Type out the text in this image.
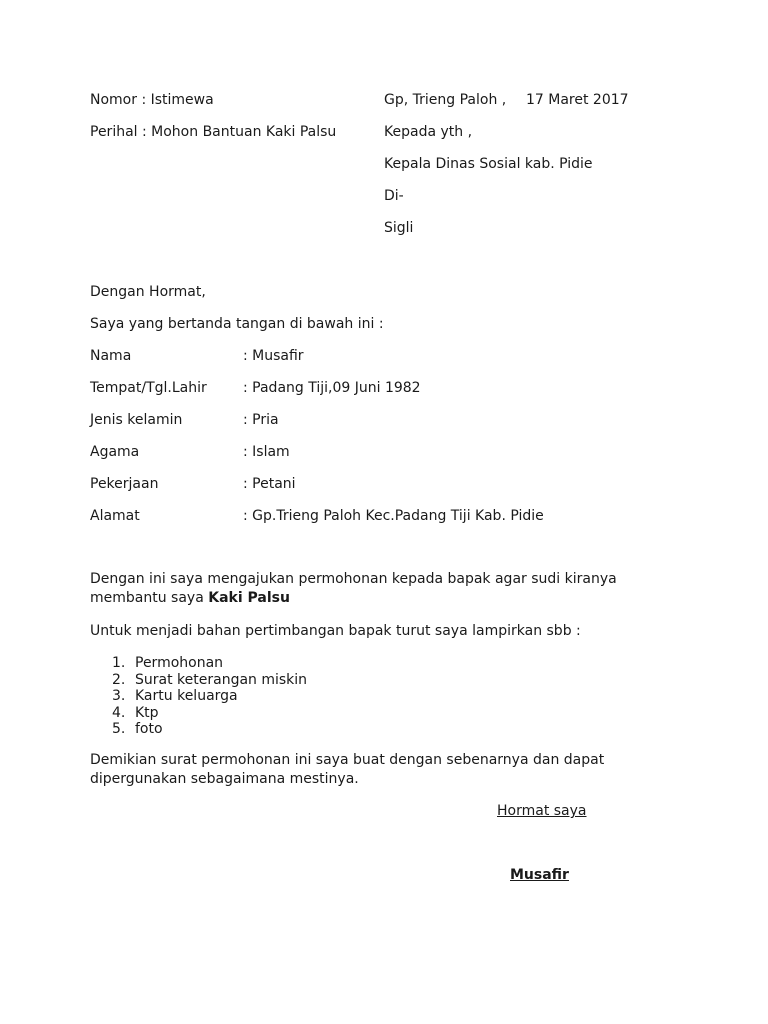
Nomor : Istimewa
Perihal : Mohon Bantuan Kaki Palsu
Gp, Trieng Paloh , 17 Maret 2017
Kepada yth ,
Kepala Dinas Sosial kab. Pidie
Di-
Sigli
Dengan Hormat,
Saya yang bertanda tangan di bawah ini :
Nama	: Musafir
Tempat/Tgl.Lahir	: Padang Tiji,09 Juni 1982
Jenis kelamin	: Pria
Agama	: Islam
Pekerjaan	: Petani
Alamat	: Gp.Trieng Paloh Kec.Padang Tiji Kab. Pidie
Dengan ini saya mengajukan permohonan kepada bapak agar sudi kiranya membantu saya Kaki Palsu
Untuk menjadi bahan pertimbangan bapak turut saya lampirkan sbb :
1. Permohonan
2. Surat keterangan miskin
3. Kartu keluarga
4. Ktp
5. foto
Demikian surat permohonan ini saya buat dengan sebenarnya dan dapat dipergunakan sebagaimana mestinya.
Hormat saya
Musafir
